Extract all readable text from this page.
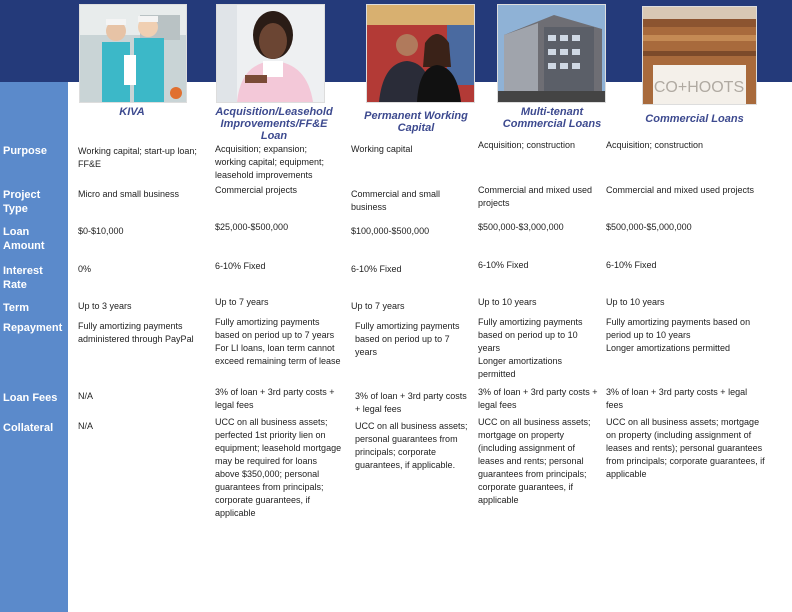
CO+HOOTS
KIVA	Acquisition/Leasehold Improvements/FF&E Loan
Permanent Working Capital
Multi-tenant Commercial Loans	Commercial Loans
Purpose
Project Type
Loan Amount
Interest Rate
Term
Repayment
Loan Fees
Collateral
Working capital; start-up loan; FF&E
Micro and small business
$0-$10,000
0%
Up to 3 years

Fully amortizing payments administered through PayPal

N/A
N/A
Acquisition; expansion; working capital; equipment; leasehold improvements
Commercial projects
$25,000-$500,000
6-10% Fixed
Up to 7 years

Fully amortizing payments based on period up to 7 years

For LI loans, loan term cannot exceed remaining term of lease

3% of loan + 3rd party costs + legal fees
UCC on all business assets; perfected 1st priority lien on equipment; leasehold mortgage may be required for loans above $350,000; personal guarantees from principals; corporate guarantees, if applicable
Working capital
Commercial and small business
$100,000-$500,000
6-10% Fixed
Up to 7 years

Fully amortizing payments based on period up to 7 years

3% of loan + 3rd party costs + legal fees
UCC on all business assets; personal guarantees from principals; corporate guarantees, if applicable.
Acquisition; construction
Commercial and mixed used projects
$500,000-$3,000,000
6-10% Fixed
Up to 10 years

Fully amortizing payments based on period up to 10 years

Longer amortizations permitted

3% of loan + 3rd party costs + legal fees
UCC on all business assets; mortgage on property (including assignment of leases and rents; personal guarantees from principals; corporate guarantees, if applicable
Acquisition; construction
Commercial and mixed used projects
$500,000-$5,000,000
6-10% Fixed
Up to 10 years

Fully amortizing payments based on period up to 10 years

Longer amortizations permitted

3% of loan + 3rd party costs + legal fees
UCC on all business assets; mortgage on property (including assignment of leases and rents); personal guarantees from principals; corporate guarantees, if applicable
